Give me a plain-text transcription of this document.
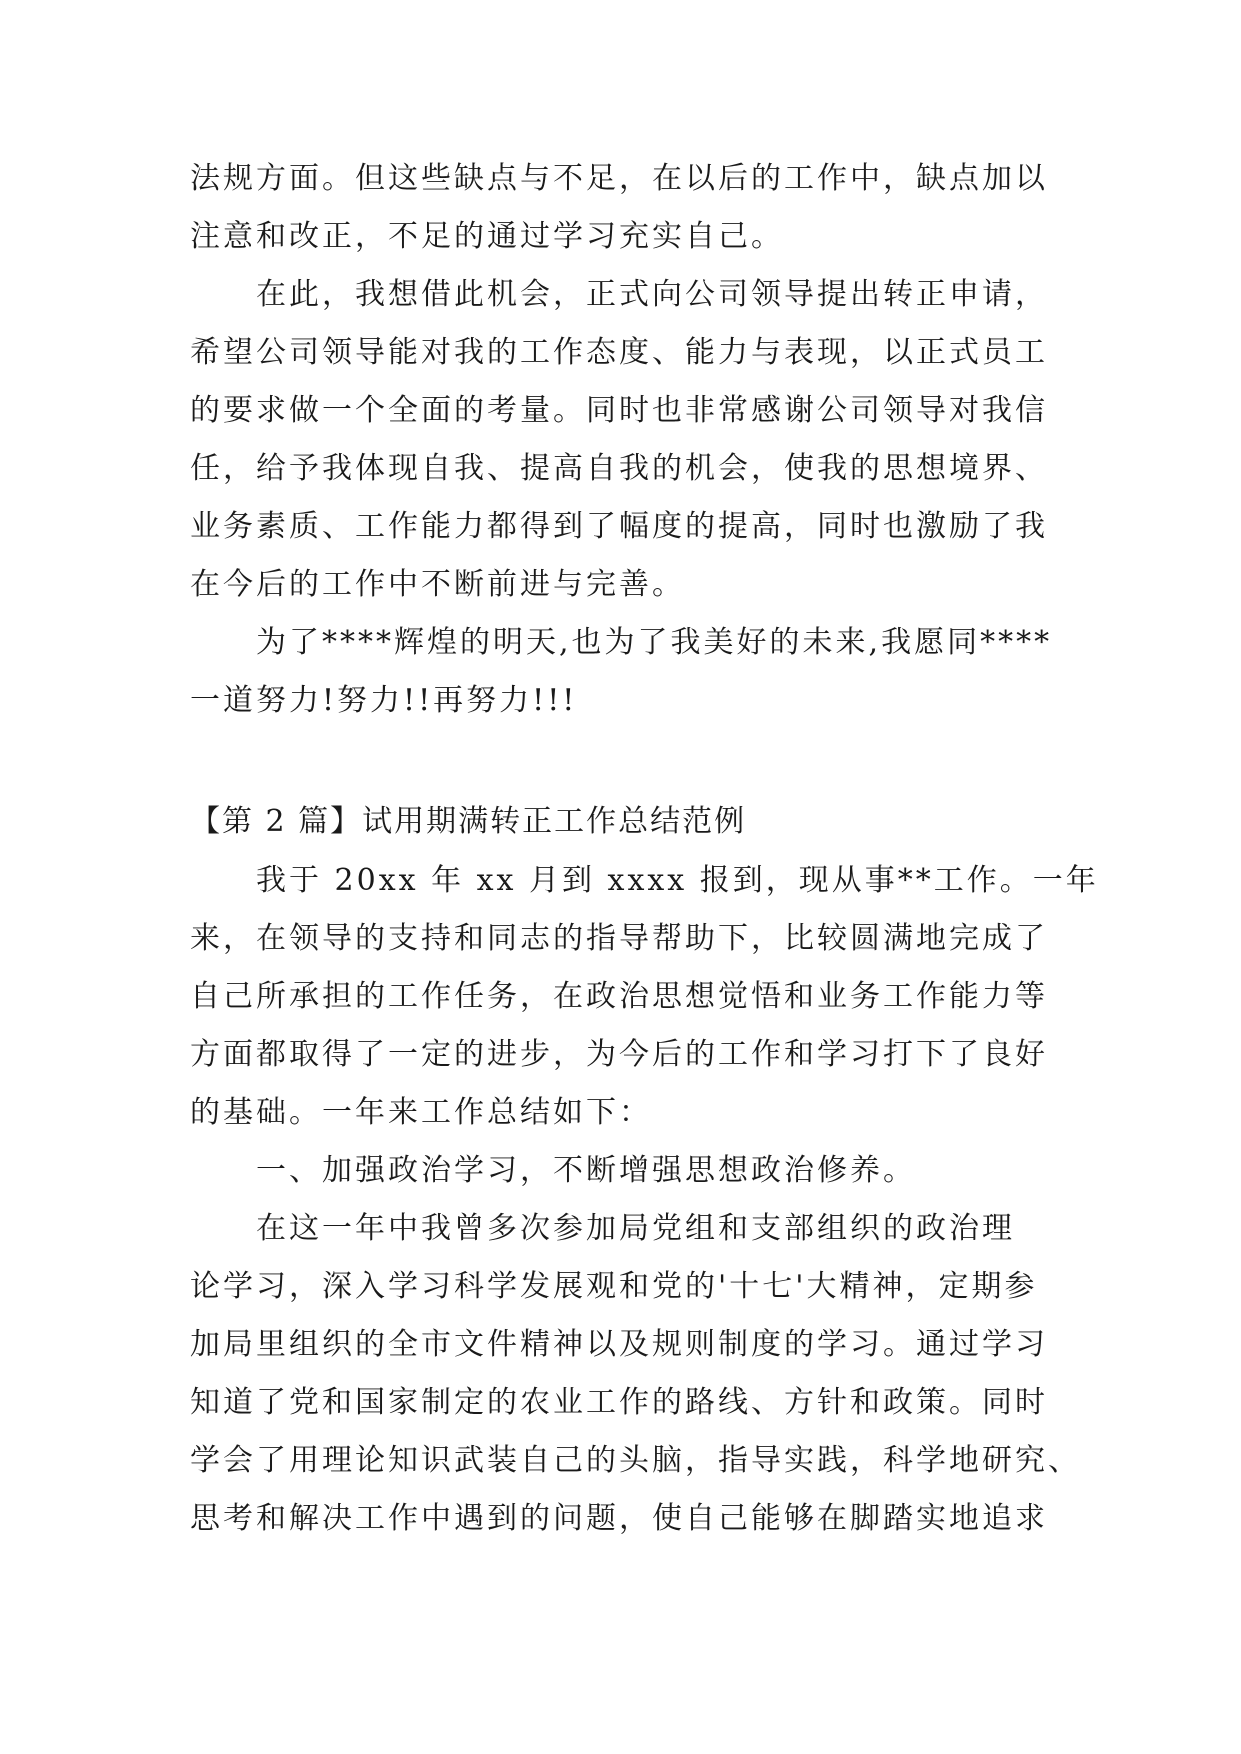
法规方面。但这些缺点与不足，在以后的工作中，缺点加以
注意和改正，不足的通过学习充实自己。
在此，我想借此机会，正式向公司领导提出转正申请，
希望公司领导能对我的工作态度、能力与表现，以正式员工
的要求做一个全面的考量。同时也非常感谢公司领导对我信
任，给予我体现自我、提高自我的机会，使我的思想境界、
业务素质、工作能力都得到了幅度的提高，同时也激励了我
在今后的工作中不断前进与完善。
为了****辉煌的明天,也为了我美好的未来,我愿同****
一道努力!努力!!再努力!!!
【第 2 篇】试用期满转正工作总结范例
我于 20xx 年 xx 月到 xxxx 报到，现从事**工作。一年
来，在领导的支持和同志的指导帮助下，比较圆满地完成了
自己所承担的工作任务，在政治思想觉悟和业务工作能力等
方面都取得了一定的进步，为今后的工作和学习打下了良好
的基础。一年来工作总结如下：
一、加强政治学习，不断增强思想政治修养。
在这一年中我曾多次参加局党组和支部组织的政治理
论学习，深入学习科学发展观和党的'十七'大精神，定期参
加局里组织的全市文件精神以及规则制度的学习。通过学习
知道了党和国家制定的农业工作的路线、方针和政策。同时
学会了用理论知识武装自己的头脑，指导实践，科学地研究、
思考和解决工作中遇到的问题，使自己能够在脚踏实地追求
